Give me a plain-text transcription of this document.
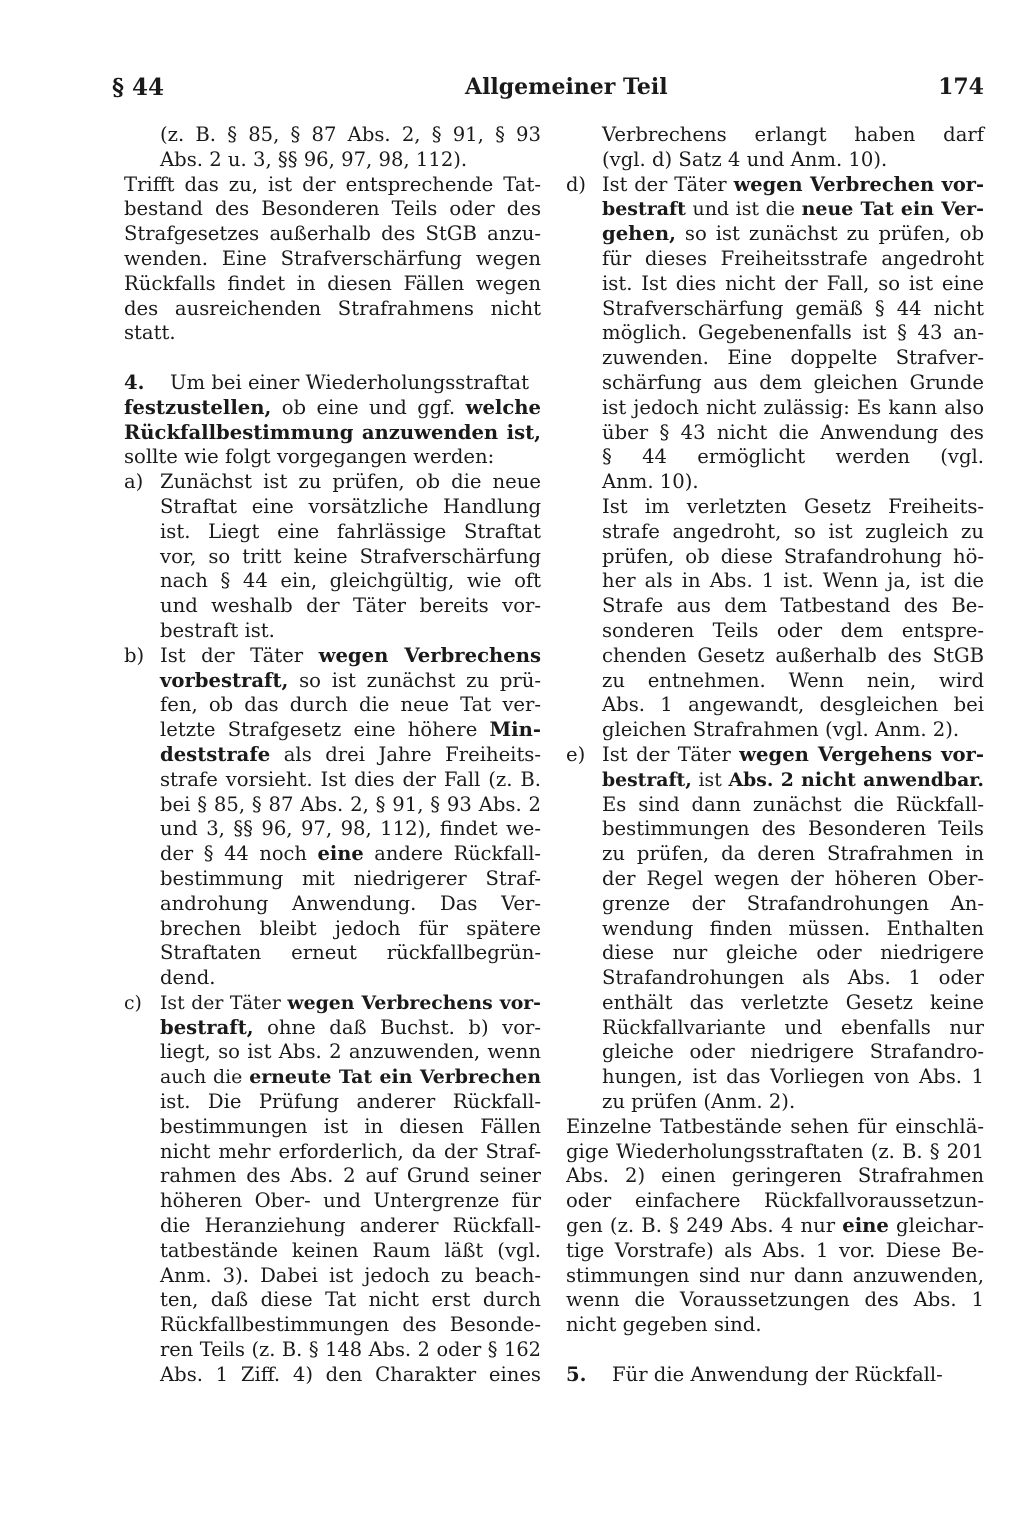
§ 44	Allgemeiner Teil	174
(z. B. § 85, § 87 Abs. 2, § 91, § 93
Abs. 2 u. 3, §§ 96, 97, 98, 112).
Trifft das zu, ist der entsprechende Tat-
bestand des Besonderen Teils oder des
Strafgesetzes außerhalb des StGB anzu-
wenden. Eine Strafverschärfung wegen
Rückfalls findet in diesen Fällen wegen
des ausreichenden Strafrahmens nicht
statt.
4. Um bei einer Wiederholungsstraftat
festzustellen, ob eine und ggf. welche
Rückfallbestimmung anzuwenden ist,
sollte wie folgt vorgegangen werden:
a) Zunächst ist zu prüfen, ob die neue
Straftat eine vorsätzliche Handlung
ist. Liegt eine fahrlässige Straftat
vor, so tritt keine Strafverschärfung
nach § 44 ein, gleichgültig, wie oft
und weshalb der Täter bereits vor-
bestraft ist.
b) Ist der Täter wegen Verbrechens
vorbestraft, so ist zunächst zu prü-
fen, ob das durch die neue Tat ver-
letzte Strafgesetz eine höhere Min-
deststrafe als drei Jahre Freiheits-
strafe vorsieht. Ist dies der Fall (z. B.
bei § 85, § 87 Abs. 2, § 91, § 93 Abs. 2
und 3, §§ 96, 97, 98, 112), findet we-
der § 44 noch eine andere Rückfall-
bestimmung mit niedrigerer Straf-
androhung Anwendung. Das Ver-
brechen bleibt jedoch für spätere
Straftaten erneut rückfallbegrün-
dend.
c) Ist der Täter wegen Verbrechens vor-
bestraft, ohne daß Buchst. b) vor-
liegt, so ist Abs. 2 anzuwenden, wenn
auch die erneute Tat ein Verbrechen
ist. Die Prüfung anderer Rückfall-
bestimmungen ist in diesen Fällen
nicht mehr erforderlich, da der Straf-
rahmen des Abs. 2 auf Grund seiner
höheren Ober- und Untergrenze für
die Heranziehung anderer Rückfall-
tatbestände keinen Raum läßt (vgl.
Anm. 3). Dabei ist jedoch zu beach-
ten, daß diese Tat nicht erst durch
Rückfallbestimmungen des Besonde-
ren Teils (z. B. § 148 Abs. 2 oder § 162
Abs. 1 Ziff. 4) den Charakter eines
Verbrechens erlangt haben darf
(vgl. d) Satz 4 und Anm. 10).
d) Ist der Täter wegen Verbrechen vor-
bestraft und ist die neue Tat ein Ver-
gehen, so ist zunächst zu prüfen, ob
für dieses Freiheitsstrafe angedroht
ist. Ist dies nicht der Fall, so ist eine
Strafverschärfung gemäß § 44 nicht
möglich. Gegebenenfalls ist § 43 an-
zuwenden. Eine doppelte Strafver-
schärfung aus dem gleichen Grunde
ist jedoch nicht zulässig: Es kann also
über § 43 nicht die Anwendung des
§ 44 ermöglicht werden (vgl.
Anm. 10).
Ist im verletzten Gesetz Freiheits-
strafe angedroht, so ist zugleich zu
prüfen, ob diese Strafandrohung hö-
her als in Abs. 1 ist. Wenn ja, ist die
Strafe aus dem Tatbestand des Be-
sonderen Teils oder dem entspre-
chenden Gesetz außerhalb des StGB
zu entnehmen. Wenn nein, wird
Abs. 1 angewandt, desgleichen bei
gleichen Strafrahmen (vgl. Anm. 2).
e) Ist der Täter wegen Vergehens vor-
bestraft, ist Abs. 2 nicht anwendbar.
Es sind dann zunächst die Rückfall-
bestimmungen des Besonderen Teils
zu prüfen, da deren Strafrahmen in
der Regel wegen der höheren Ober-
grenze der Strafandrohungen An-
wendung finden müssen. Enthalten
diese nur gleiche oder niedrigere
Strafandrohungen als Abs. 1 oder
enthält das verletzte Gesetz keine
Rückfallvariante und ebenfalls nur
gleiche oder niedrigere Strafandro-
hungen, ist das Vorliegen von Abs. 1
zu prüfen (Anm. 2).
Einzelne Tatbestände sehen für einschlä-
gige Wiederholungsstraftaten (z. B. § 201
Abs. 2) einen geringeren Strafrahmen
oder einfachere Rückfallvoraussetzun-
gen (z. B. § 249 Abs. 4 nur eine gleichar-
tige Vorstrafe) als Abs. 1 vor. Diese Be-
stimmungen sind nur dann anzuwenden,
wenn die Voraussetzungen des Abs. 1
nicht gegeben sind.
5. Für die Anwendung der Rückfall-
